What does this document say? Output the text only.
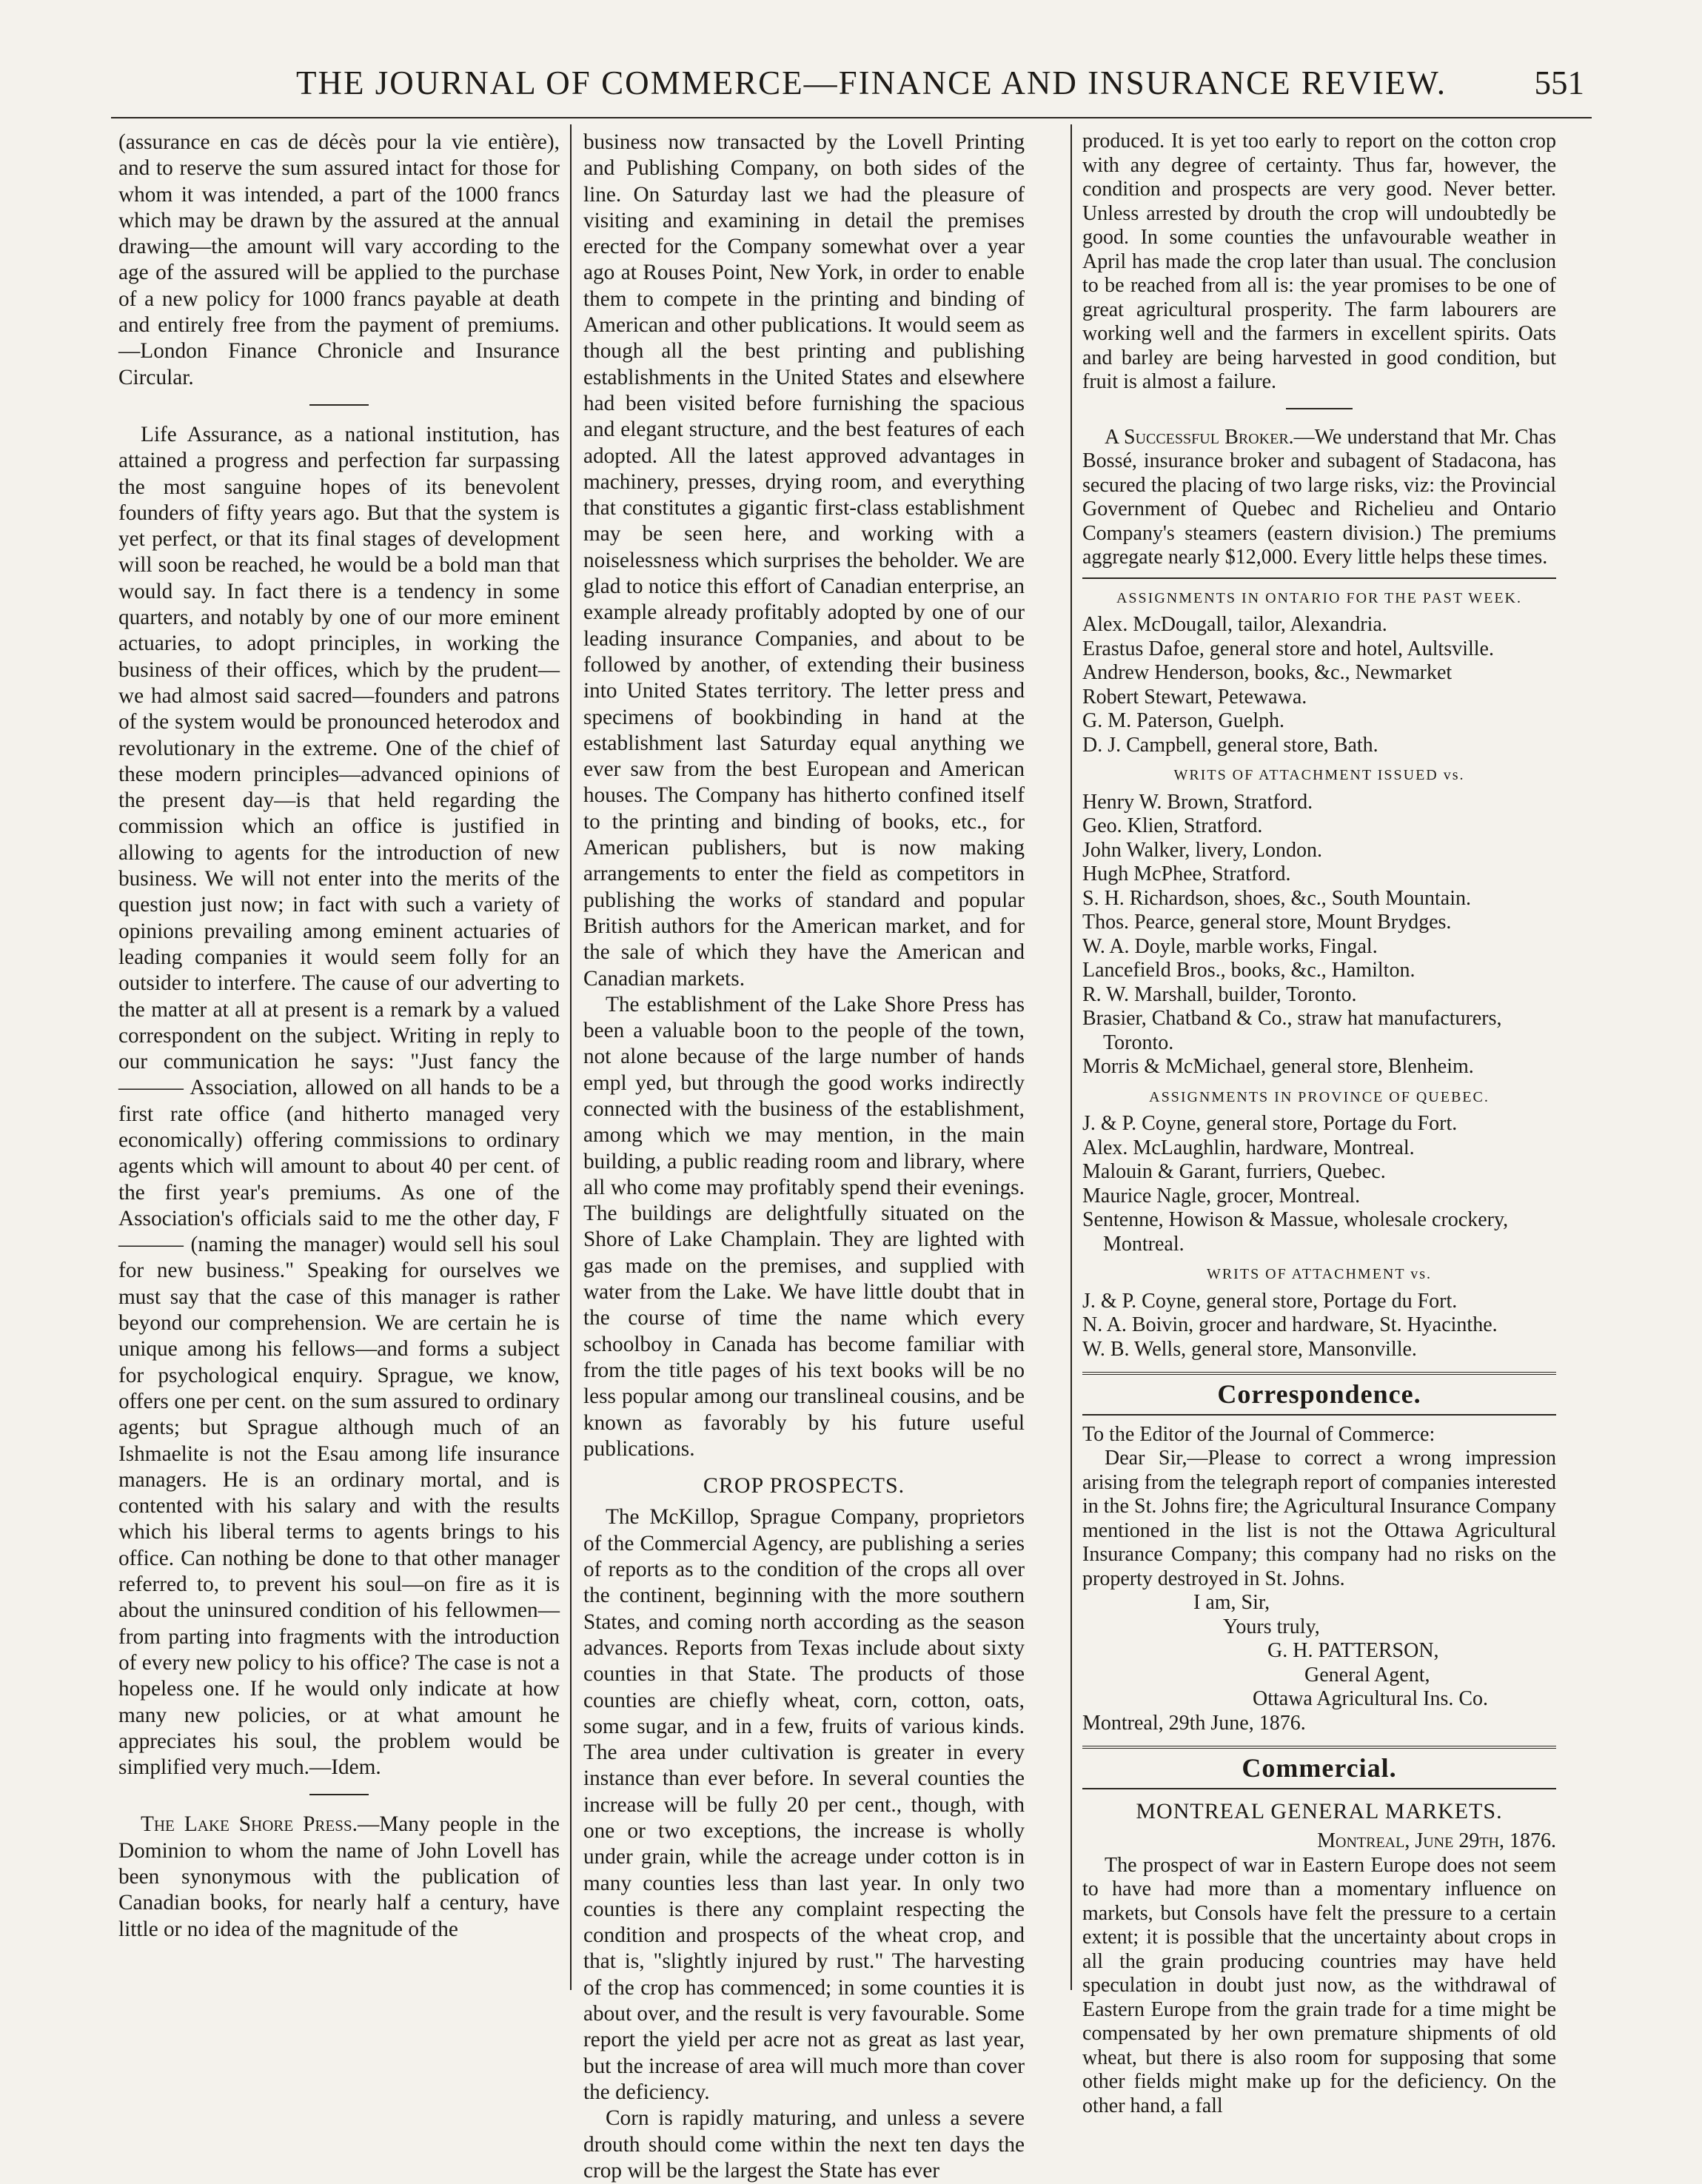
THE JOURNAL OF COMMERCE—FINANCE AND INSURANCE REVIEW.	551

(assurance en cas de décès pour la vie entière), and to reserve the sum assured intact for those for whom it was intended, a part of the 1000 francs which may be drawn by the assured at the annual drawing—the amount will vary according to the age of the assured will be applied to the purchase of a new policy for 1000 francs payable at death and entirely free from the payment of premiums.—London Finance Chronicle and Insurance Circular.

Life Assurance, as a national institution, has attained a progress and perfection far surpassing the most sanguine hopes of its benevolent founders of fifty years ago. But that the system is yet perfect, or that its final stages of development will soon be reached, he would be a bold man that would say. In fact there is a tendency in some quarters, and notably by one of our more eminent actuaries, to adopt principles, in working the business of their offices, which by the prudent—we had almost said sacred—founders and patrons of the system would be pronounced heterodox and revolutionary in the extreme. One of the chief of these modern principles—advanced opinions of the present day—is that held regarding the commission which an office is justified in allowing to agents for the introduction of new business. We will not enter into the merits of the question just now; in fact with such a variety of opinions prevailing among eminent actuaries of leading companies it would seem folly for an outsider to interfere. The cause of our adverting to the matter at all at present is a remark by a valued correspondent on the subject. Writing in reply to our communication he says: "Just fancy the ——— Association, allowed on all hands to be a first rate office (and hitherto managed very economically) offering commissions to ordinary agents which will amount to about 40 per cent. of the first year's premiums. As one of the Association's officials said to me the other day, F——— (naming the manager) would sell his soul for new business." Speaking for ourselves we must say that the case of this manager is rather beyond our comprehension. We are certain he is unique among his fellows—and forms a subject for psychological enquiry. Sprague, we know, offers one per cent. on the sum assured to ordinary agents; but Sprague although much of an Ishmaelite is not the Esau among life insurance managers. He is an ordinary mortal, and is contented with his salary and with the results which his liberal terms to agents brings to his office. Can nothing be done to that other manager referred to, to prevent his soul—on fire as it is about the uninsured condition of his fellowmen—from parting into fragments with the introduction of every new policy to his office? The case is not a hopeless one. If he would only indicate at how many new policies, or at what amount he appreciates his soul, the problem would be simplified very much.—Idem.

The Lake Shore Press.—Many people in the Dominion to whom the name of John Lovell has been synonymous with the publication of Canadian books, for nearly half a century, have little or no idea of the magnitude of the

business now transacted by the Lovell Printing and Publishing Company, on both sides of the line. On Saturday last we had the pleasure of visiting and examining in detail the premises erected for the Company somewhat over a year ago at Rouses Point, New York, in order to enable them to compete in the printing and binding of American and other publications. It would seem as though all the best printing and publishing establishments in the United States and elsewhere had been visited before furnishing the spacious and elegant structure, and the best features of each adopted. All the latest approved advantages in machinery, presses, drying room, and everything that constitutes a gigantic first-class establishment may be seen here, and working with a noiselessness which surprises the beholder. We are glad to notice this effort of Canadian enterprise, an example already profitably adopted by one of our leading insurance Companies, and about to be followed by another, of extending their business into United States territory. The letter press and specimens of bookbinding in hand at the establishment last Saturday equal anything we ever saw from the best European and American houses. The Company has hitherto confined itself to the printing and binding of books, etc., for American publishers, but is now making arrangements to enter the field as competitors in publishing the works of standard and popular British authors for the American market, and for the sale of which they have the American and Canadian markets.

The establishment of the Lake Shore Press has been a valuable boon to the people of the town, not alone because of the large number of hands empl yed, but through the good works indirectly connected with the business of the establishment, among which we may mention, in the main building, a public reading room and library, where all who come may profitably spend their evenings. The buildings are delightfully situated on the Shore of Lake Champlain. They are lighted with gas made on the premises, and supplied with water from the Lake. We have little doubt that in the course of time the name which every schoolboy in Canada has become familiar with from the title pages of his text books will be no less popular among our translineal cousins, and be known as favorably by his future useful publications.

CROP PROSPECTS.

The McKillop, Sprague Company, proprietors of the Commercial Agency, are publishing a series of reports as to the condition of the crops all over the continent, beginning with the more southern States, and coming north according as the season advances. Reports from Texas include about sixty counties in that State. The products of those counties are chiefly wheat, corn, cotton, oats, some sugar, and in a few, fruits of various kinds. The area under cultivation is greater in every instance than ever before. In several counties the increase will be fully 20 per cent., though, with one or two exceptions, the increase is wholly under grain, while the acreage under cotton is in many counties less than last year. In only two counties is there any complaint respecting the condition and prospects of the wheat crop, and that is, "slightly injured by rust." The harvesting of the crop has commenced; in some counties it is about over, and the result is very favourable. Some report the yield per acre not as great as last year, but the increase of area will much more than cover the deficiency.

Corn is rapidly maturing, and unless a severe drouth should come within the next ten days the crop will be the largest the State has ever

produced. It is yet too early to report on the cotton crop with any degree of certainty. Thus far, however, the condition and prospects are very good. Never better. Unless arrested by drouth the crop will undoubtedly be good. In some counties the unfavourable weather in April has made the crop later than usual. The conclusion to be reached from all is: the year promises to be one of great agricultural prosperity. The farm labourers are working well and the farmers in excellent spirits. Oats and barley are being harvested in good condition, but fruit is almost a failure.

A Successful Broker.—We understand that Mr. Chas Bossé, insurance broker and subagent of Stadacona, has secured the placing of two large risks, viz: the Provincial Government of Quebec and Richelieu and Ontario Company's steamers (eastern division.) The premiums aggregate nearly $12,000. Every little helps these times.

ASSIGNMENTS IN ONTARIO FOR THE PAST WEEK.
Alex. McDougall, tailor, Alexandria.
Erastus Dafoe, general store and hotel, Aultsville.
Andrew Henderson, books, &c., Newmarket
Robert Stewart, Petewawa.
G. M. Paterson, Guelph.
D. J. Campbell, general store, Bath.
WRITS OF ATTACHMENT ISSUED vs.
Henry W. Brown, Stratford.
Geo. Klien, Stratford.
John Walker, livery, London.
Hugh McPhee, Stratford.
S. H. Richardson, shoes, &c., South Mountain.
Thos. Pearce, general store, Mount Brydges.
W. A. Doyle, marble works, Fingal.
Lancefield Bros., books, &c., Hamilton.
R. W. Marshall, builder, Toronto.
Brasier, Chatband & Co., straw hat manufacturers, Toronto.
Morris & McMichael, general store, Blenheim.
ASSIGNMENTS IN PROVINCE OF QUEBEC.
J. & P. Coyne, general store, Portage du Fort.
Alex. McLaughlin, hardware, Montreal.
Malouin & Garant, furriers, Quebec.
Maurice Nagle, grocer, Montreal.
Sentenne, Howison & Massue, wholesale crockery, Montreal.
WRITS OF ATTACHMENT vs.
J. & P. Coyne, general store, Portage du Fort.
N. A. Boivin, grocer and hardware, St. Hyacinthe.
W. B. Wells, general store, Mansonville.
Correspondence.

To the Editor of the Journal of Commerce:

Dear Sir,—Please to correct a wrong impression arising from the telegraph report of companies interested in the St. Johns fire; the Agricultural Insurance Company mentioned in the list is not the Ottawa Agricultural Insurance Company; this company had no risks on the property destroyed in St. Johns.

I am, Sir,
Yours truly,
G. H. PATTERSON,
General Agent,
Ottawa Agricultural Ins. Co.

Montreal, 29th June, 1876.

Commercial.
MONTREAL GENERAL MARKETS.

Montreal, June 29th, 1876.

The prospect of war in Eastern Europe does not seem to have had more than a momentary influence on markets, but Consols have felt the pressure to a certain extent; it is possible that the uncertainty about crops in all the grain producing countries may have held speculation in doubt just now, as the withdrawal of Eastern Europe from the grain trade for a time might be compensated by her own premature shipments of old wheat, but there is also room for supposing that some other fields might make up for the deficiency. On the other hand, a fall
